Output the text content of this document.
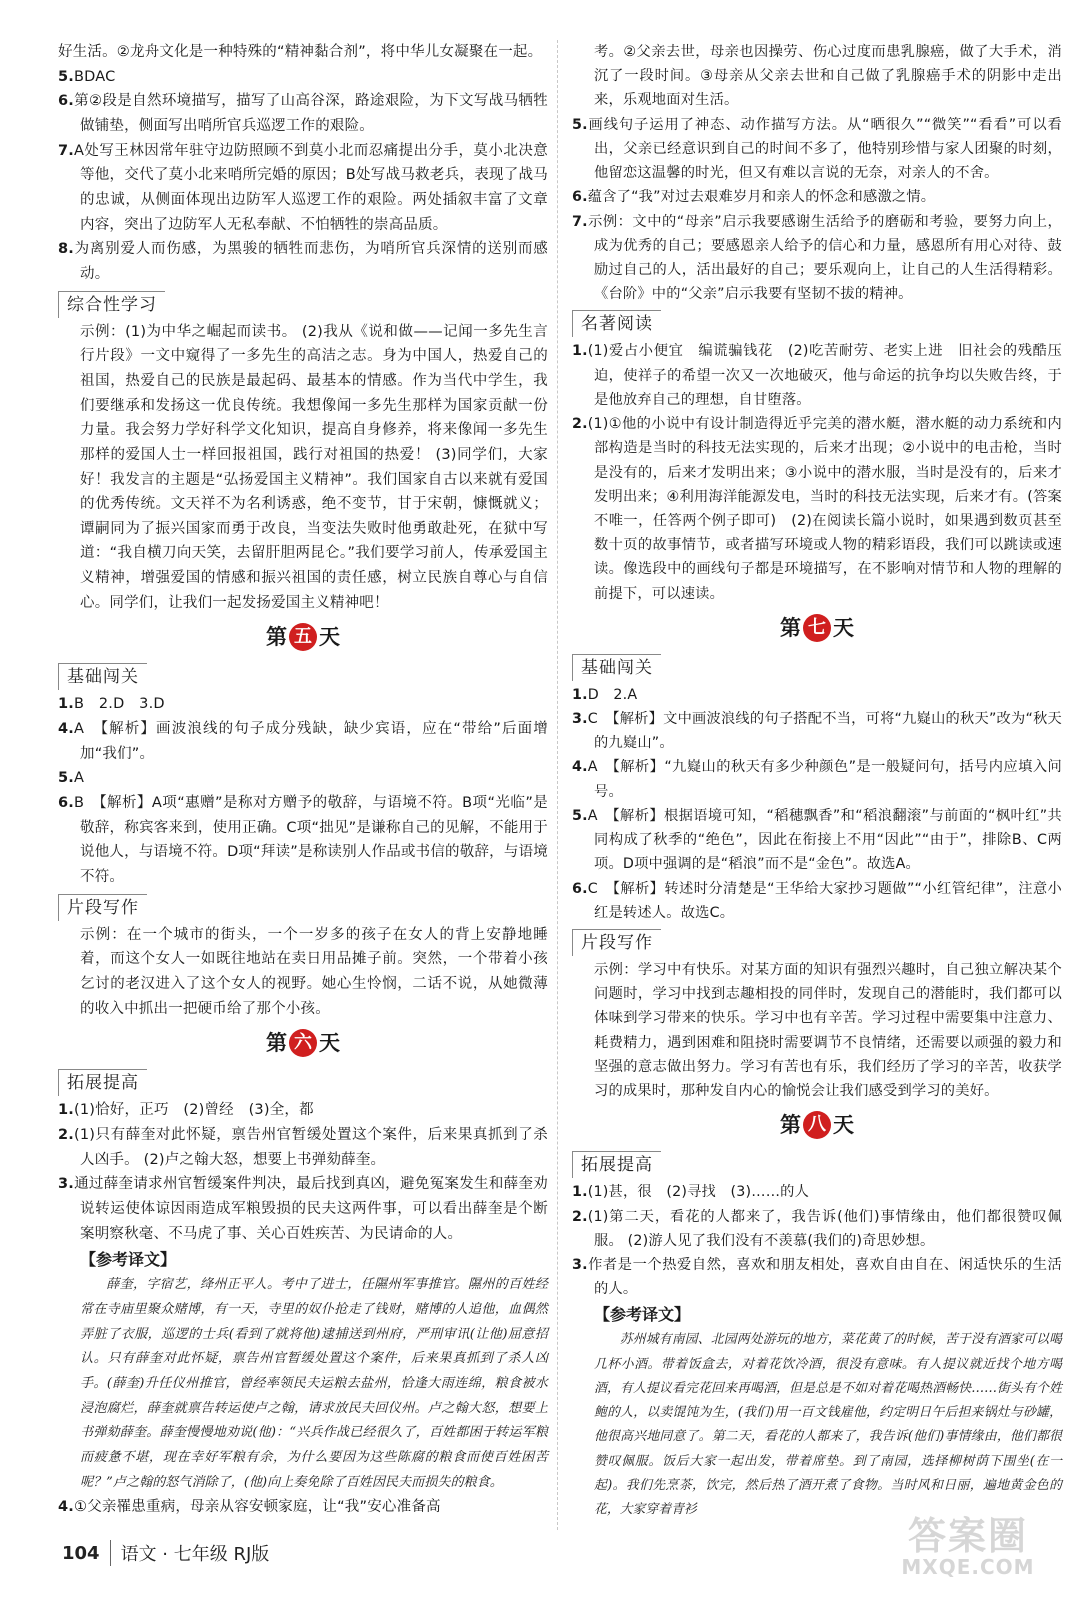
好生活。②龙舟文化是一种特殊的“精神黏合剂”，将中华儿女凝聚在一起。

5.BDAC

6.第②段是自然环境描写，描写了山高谷深，路途艰险，为下文写战马牺牲做铺垫，侧面写出哨所官兵巡逻工作的艰险。

7.A处写王林因常年驻守边防照顾不到莫小北而忍痛提出分手，莫小北决意等他，交代了莫小北来哨所完婚的原因；B处写战马救老兵，表现了战马的忠诚，从侧面体现出边防军人巡逻工作的艰险。两处插叙丰富了文章内容，突出了边防军人无私奉献、不怕牺牲的崇高品质。

8.为离别爱人而伤感，为黑骏的牺牲而悲伤，为哨所官兵深情的送别而感动。

综合性学习

示例：(1)为中华之崛起而读书。 (2)我从《说和做——记闻一多先生言行片段》一文中窥得了一多先生的高洁之志。身为中国人，热爱自己的祖国，热爱自己的民族是最起码、最基本的情感。作为当代中学生，我们要继承和发扬这一优良传统。我想像闻一多先生那样为国家贡献一份力量。我会努力学好科学文化知识，提高自身修养，将来像闻一多先生那样的爱国人士一样回报祖国，践行对祖国的热爱！ (3)同学们，大家好！我发言的主题是“弘扬爱国主义精神”。我们国家自古以来就有爱国的优秀传统。文天祥不为名利诱惑，绝不变节，甘于宋朝，慷慨就义；谭嗣同为了振兴国家而勇于改良，当变法失败时他勇敢赴死，在狱中写道：“我自横刀向天笑，去留肝胆两昆仑。”我们要学习前人，传承爱国主义精神，增强爱国的情感和振兴祖国的责任感，树立民族自尊心与自信心。同学们，让我们一起发扬爱国主义精神吧！

第 五 天
基础闯关

1.B　2.D　3.D

4.A　【解析】画波浪线的句子成分残缺，缺少宾语，应在“带给”后面增加“我们”。

5.A

6.B　【解析】A项“惠赠”是称对方赠予的敬辞，与语境不符。B项“光临”是敬辞，称宾客来到，使用正确。C项“拙见”是谦称自己的见解，不能用于说他人，与语境不符。D项“拜读”是称读别人作品或书信的敬辞，与语境不符。

片段写作

示例：在一个城市的街头，一个一岁多的孩子在女人的背上安静地睡着，而这个女人一如既往地站在卖日用品摊子前。突然，一个带着小孩乞讨的老汉进入了这个女人的视野。她心生怜悯，二话不说，从她微薄的收入中抓出一把硬币给了那个小孩。

第 六 天
拓展提高

1.(1)恰好，正巧　(2)曾经　(3)全，都

2.(1)只有薛奎对此怀疑，禀告州官暂缓处置这个案件，后来果真抓到了杀人凶手。 (2)卢之翰大怒，想要上书弹劾薛奎。

3.通过薛奎请求州官暂缓案件判决，最后找到真凶，避免冤案发生和薛奎劝说转运使体谅因雨造成军粮毁损的民夫这两件事，可以看出薛奎是个断案明察秋毫、不马虎了事、关心百姓疾苦、为民请命的人。

【参考译文】

薛奎，字宿艺，绛州正平人。考中了进士，任隰州军事推官。隰州的百姓经常在寺庙里聚众赌博，有一天，寺里的奴仆抢走了钱财，赌博的人追他，血偶然弄脏了衣服，巡逻的士兵(看到了就将他)逮捕送到州府，严刑审讯(让他)屈意招认。只有薛奎对此怀疑，禀告州官暂缓处置这个案件，后来果真抓到了杀人凶手。(薛奎)升任仪州推官，曾经率领民夫运粮去盐州，恰逢大雨连绵，粮食被水浸泡腐烂，薛奎就禀告转运使卢之翰，请求放民夫回仪州。卢之翰大怒，想要上书弹劾薛奎。薛奎慢慢地劝说(他)：“兴兵作战已经很久了，百姓都困于转运军粮而疲惫不堪，现在幸好军粮有余，为什么要因为这些陈腐的粮食而使百姓困苦呢？”卢之翰的怒气消除了，(他)向上奏免除了百姓因民夫而损失的粮食。

4.①父亲罹患重病，母亲从容安顿家庭，让“我”安心准备高

考。②父亲去世，母亲也因操劳、伤心过度而患乳腺癌，做了大手术，消沉了一段时间。③母亲从父亲去世和自己做了乳腺癌手术的阴影中走出来，乐观地面对生活。

5.画线句子运用了神态、动作描写方法。从“晒很久”“微笑”“看看”可以看出，父亲已经意识到自己的时间不多了，他特别珍惜与家人团聚的时刻，他留恋这温馨的时光，但又有难以言说的无奈，对亲人的不舍。

6.蕴含了“我”对过去艰难岁月和亲人的怀念和感激之情。

7.示例：文中的“母亲”启示我要感谢生活给予的磨砺和考验，要努力向上，成为优秀的自己；要感恩亲人给予的信心和力量，感恩所有用心对待、鼓励过自己的人，活出最好的自己；要乐观向上，让自己的人生活得精彩。《台阶》中的“父亲”启示我要有坚韧不拔的精神。

名著阅读

1.(1)爱占小便宜　编谎骗钱花　(2)吃苦耐劳、老实上进　旧社会的残酷压迫，使祥子的希望一次又一次地破灭，他与命运的抗争均以失败告终，于是他放弃自己的理想，自甘堕落。

2.(1)①他的小说中有设计制造得近乎完美的潜水艇，潜水艇的动力系统和内部构造是当时的科技无法实现的，后来才出现；②小说中的电击枪，当时是没有的，后来才发明出来；③小说中的潜水服，当时是没有的，后来才发明出来；④利用海洋能源发电，当时的科技无法实现，后来才有。(答案不唯一，任答两个例子即可)　(2)在阅读长篇小说时，如果遇到数页甚至数十页的故事情节，或者描写环境或人物的精彩语段，我们可以跳读或速读。像选段中的画线句子都是环境描写，在不影响对情节和人物的理解的前提下，可以速读。

第 七 天
基础闯关

1.D　2.A

3.C　【解析】文中画波浪线的句子搭配不当，可将“九嶷山的秋天”改为“秋天的九嶷山”。

4.A　【解析】“九嶷山的秋天有多少种颜色”是一般疑问句，括号内应填入问号。

5.A　【解析】根据语境可知，“稻穗飘香”和“稻浪翻滚”与前面的“枫叶红”共同构成了秋季的“绝色”，因此在衔接上不用“因此”“由于”，排除B、C两项。D项中强调的是“稻浪”而不是“金色”。故选A。

6.C　【解析】转述时分清楚是“王华给大家抄习题做”“小红管纪律”，注意小红是转述人。故选C。

片段写作

示例：学习中有快乐。对某方面的知识有强烈兴趣时，自己独立解决某个问题时，学习中找到志趣相投的同伴时，发现自己的潜能时，我们都可以体味到学习带来的快乐。学习中也有辛苦。学习过程中需要集中注意力、耗费精力，遇到困难和阻挠时需要调节不良情绪，还需要以顽强的毅力和坚强的意志做出努力。学习有苦也有乐，我们经历了学习的辛苦，收获学习的成果时，那种发自内心的愉悦会让我们感受到学习的美好。

第 八 天
拓展提高

1.(1)甚，很　(2)寻找　(3)……的人

2.(1)第二天，看花的人都来了，我告诉(他们)事情缘由，他们都很赞叹佩服。 (2)游人见了我们没有不羡慕(我们的)奇思妙想。

3.作者是一个热爱自然，喜欢和朋友相处，喜欢自由自在、闲适快乐的生活的人。

【参考译文】

苏州城有南园、北园两处游玩的地方，菜花黄了的时候，苦于没有酒家可以喝几杯小酒。带着饭盒去，对着花饮冷酒，很没有意味。有人提议就近找个地方喝酒，有人提议看完花回来再喝酒，但是总是不如对着花喝热酒畅快……街头有个姓鲍的人，以卖馄饨为生，(我们)用一百文钱雇他，约定明日午后担来锅灶与砂罐，他很高兴地同意了。第二天，看花的人都来了，我告诉(他们)事情缘由，他们都很赞叹佩服。饭后大家一起出发，带着席垫。到了南园，选择柳树荫下围坐(在一起)。我们先烹茶，饮完，然后热了酒开煮了食物。当时风和日丽，遍地黄金色的花，大家穿着青衫

104 语文 · 七年级 RJ版	答案圈
MXQE.COM
